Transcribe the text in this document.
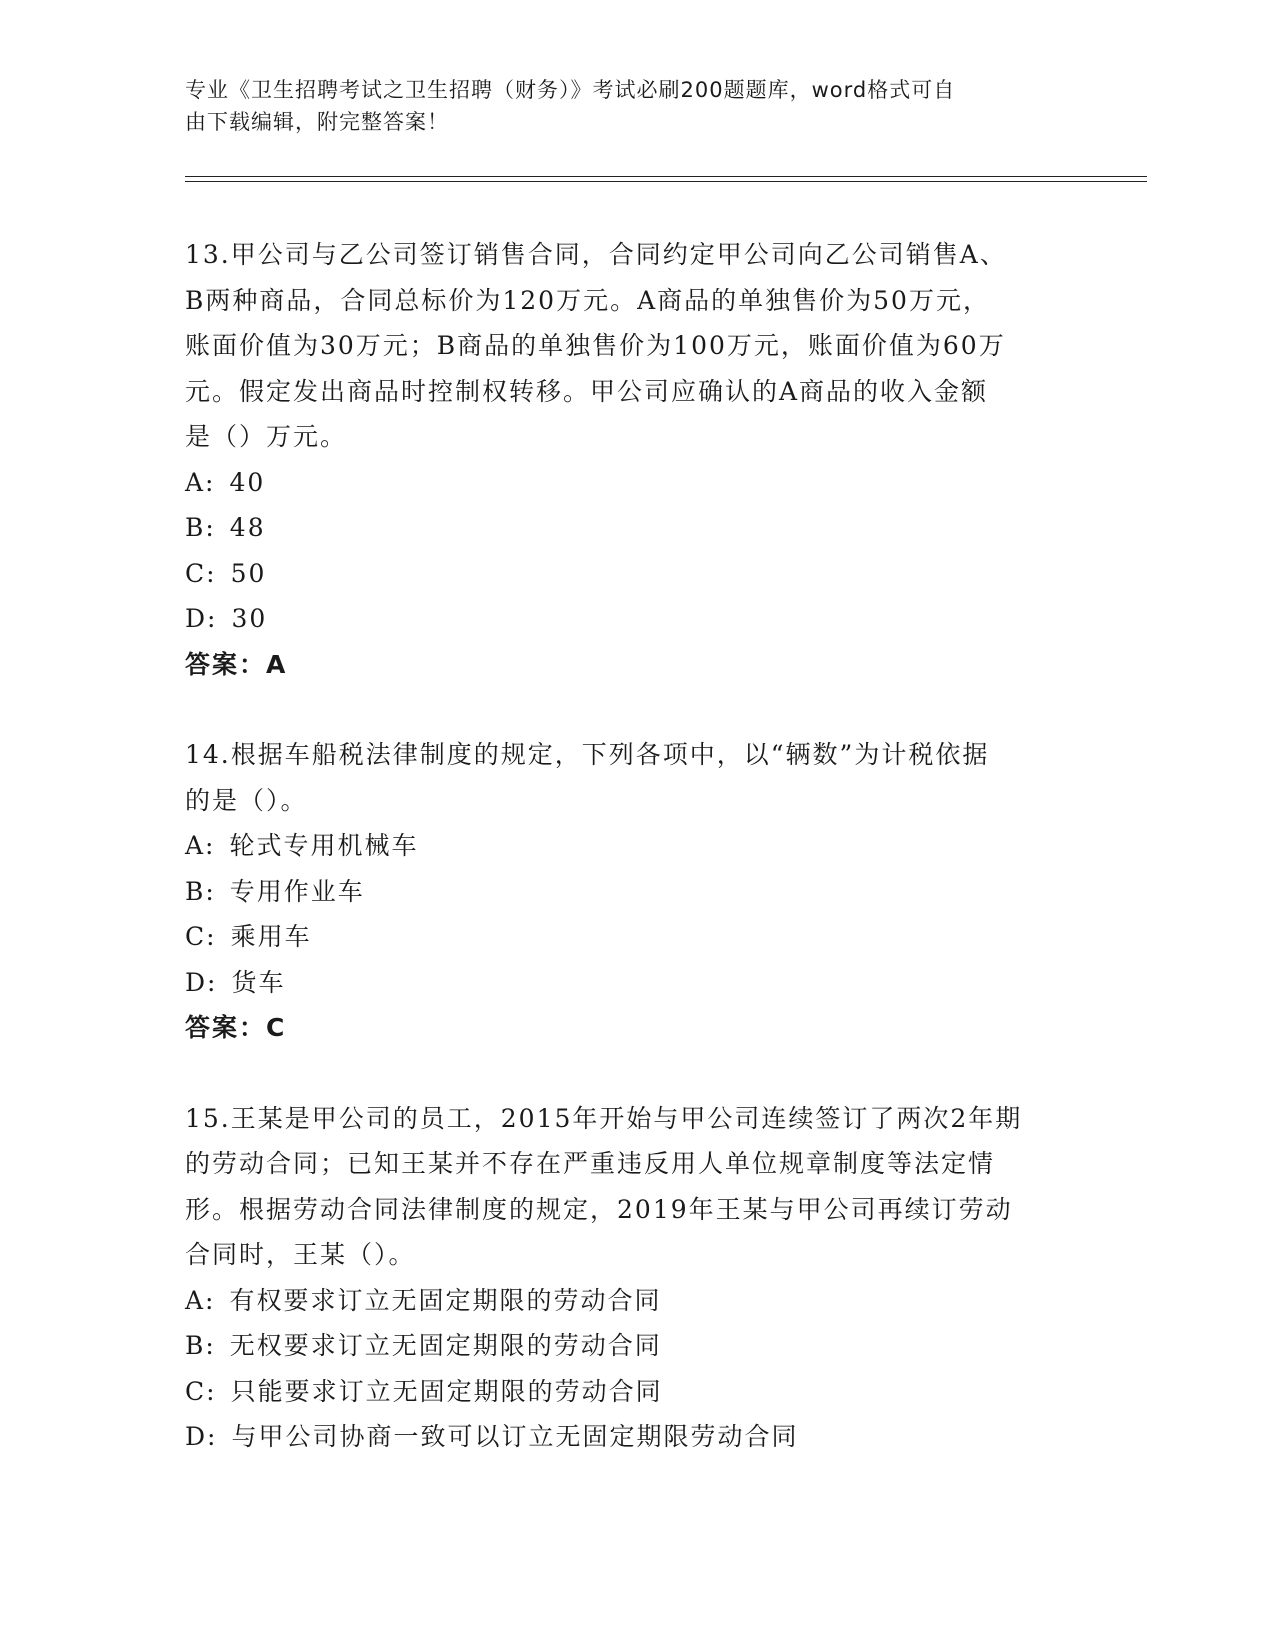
专业《卫生招聘考试之卫生招聘（财务）》考试必刷200题题库，word格式可自
由下载编辑，附完整答案！

13.甲公司与乙公司签订销售合同，合同约定甲公司向乙公司销售A、

B两种商品，合同总标价为120万元。A商品的单独售价为50万元，

账面价值为30万元；B商品的单独售价为100万元，账面价值为60万

元。假定发出商品时控制权转移。甲公司应确认的A商品的收入金额

是（）万元。

A: 40

B: 48

C: 50

D: 30

答案：A

14.根据车船税法律制度的规定，下列各项中，以“辆数”为计税依据

的是（）。

A: 轮式专用机械车

B: 专用作业车

C: 乘用车

D: 货车

答案：C

15.王某是甲公司的员工，2015年开始与甲公司连续签订了两次2年期

的劳动合同；已知王某并不存在严重违反用人单位规章制度等法定情

形。根据劳动合同法律制度的规定，2019年王某与甲公司再续订劳动

合同时，王某（）。

A: 有权要求订立无固定期限的劳动合同

B: 无权要求订立无固定期限的劳动合同

C: 只能要求订立无固定期限的劳动合同

D: 与甲公司协商一致可以订立无固定期限劳动合同
